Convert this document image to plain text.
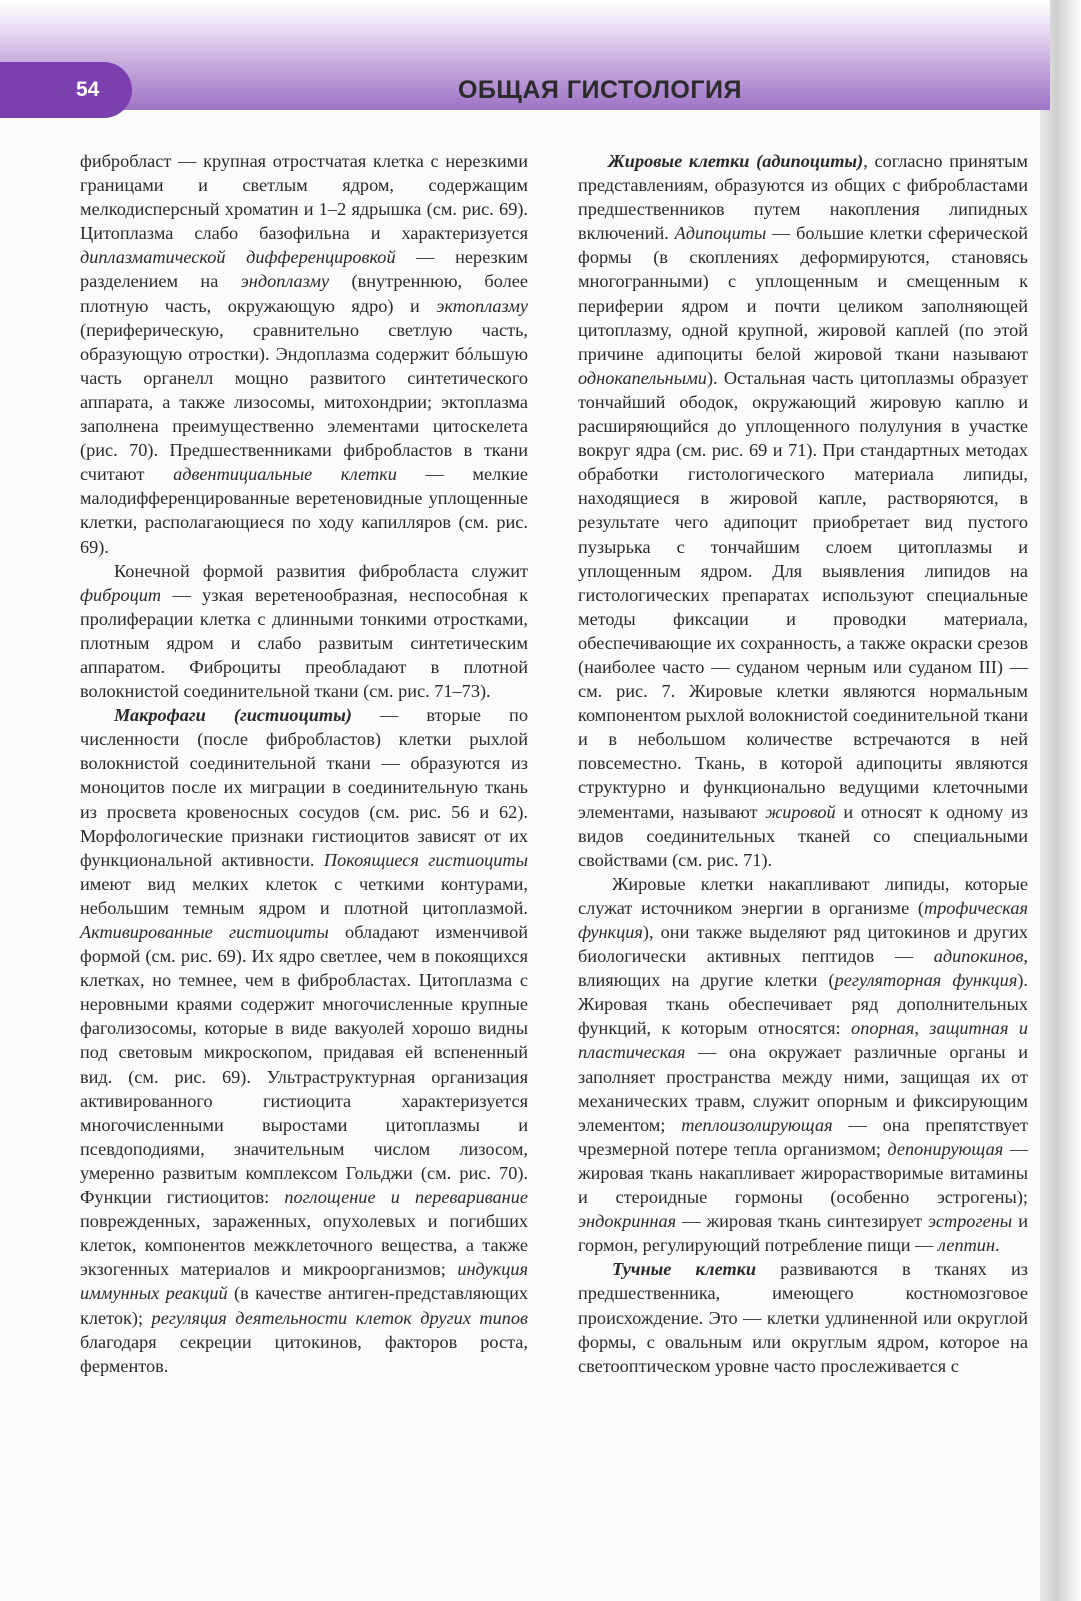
54	ОБЩАЯ ГИСТОЛОГИЯ

фибробласт — крупная отростчатая клетка с нерезкими границами и светлым ядром, содержащим мелкодисперсный хроматин и 1–2 ядрышка (см. рис. 69). Цитоплазма слабо базофильна и характеризуется диплазматической дифференцировкой — нерезким разделением на эндоплазму (внутреннюю, более плотную часть, окружающую ядро) и эктоплазму (периферическую, сравнительно светлую часть, образующую отростки). Эндоплазма содержит бóльшую часть органелл мощно развитого синтетического аппарата, а также лизосомы, митохондрии; эктоплазма заполнена преимущественно элементами цитоскелета (рис. 70). Предшественниками фибробластов в ткани считают адвентициальные клетки — мелкие малодифференцированные веретеновидные уплощенные клетки, располагающиеся по ходу капилляров (см. рис. 69).

Конечной формой развития фибробласта служит фиброцит — узкая веретенообразная, неспособная к пролиферации клетка с длинными тонкими отростками, плотным ядром и слабо развитым синтетическим аппаратом. Фиброциты преобладают в плотной волокнистой соединительной ткани (см. рис. 71–73).

Макрофаги (гистиоциты) — вторые по численности (после фибробластов) клетки рыхлой волокнистой соединительной ткани — образуются из моноцитов после их миграции в соединительную ткань из просвета кровеносных сосудов (см. рис. 56 и 62). Морфологические признаки гистиоцитов зависят от их функциональной активности. Покоящиеся гистиоциты имеют вид мелких клеток с четкими контурами, небольшим темным ядром и плотной цитоплазмой. Активированные гистиоциты обладают изменчивой формой (см. рис. 69). Их ядро светлее, чем в покоящихся клетках, но темнее, чем в фибробластах. Цитоплазма с неровными краями содержит многочисленные крупные фаголизосомы, которые в виде вакуолей хорошо видны под световым микроскопом, придавая ей вспененный вид. (см. рис. 69). Ультраструктурная организация активированного гистиоцита характеризуется многочисленными выростами цитоплазмы и псевдоподиями, значительным числом лизосом, умеренно развитым комплексом Гольджи (см. рис. 70). Функции гистиоцитов: поглощение и переваривание поврежденных, зараженных, опухолевых и погибших клеток, компонентов межклеточного вещества, а также экзогенных материалов и микроорганизмов; индукция иммунных реакций (в качестве антиген-представляющих клеток); регуляция деятельности клеток других типов благодаря секреции цитокинов, факторов роста, ферментов.

Жировые клетки (адипоциты), согласно принятым представлениям, образуются из общих с фибробластами предшественников путем накопления липидных включений. Адипоциты — большие клетки сферической формы (в скоплениях деформируются, становясь многогранными) с уплощенным и смещенным к периферии ядром и почти целиком заполняющей цитоплазму, одной крупной, жировой каплей (по этой причине адипоциты белой жировой ткани называют однокапельными). Остальная часть цитоплазмы образует тончайший ободок, окружающий жировую каплю и расширяющийся до уплощенного полулуния в участке вокруг ядра (см. рис. 69 и 71). При стандартных методах обработки гистологического материала липиды, находящиеся в жировой капле, растворяются, в результате чего адипоцит приобретает вид пустого пузырька с тончайшим слоем цитоплазмы и уплощенным ядром. Для выявления липидов на гистологических препаратах используют специальные методы фиксации и проводки материала, обеспечивающие их сохранность, а также окраски срезов (наиболее часто — суданом черным или суданом III) — см. рис. 7. Жировые клетки являются нормальным компонентом рыхлой волокнистой соединительной ткани и в небольшом количестве встречаются в ней повсеместно. Ткань, в которой адипоциты являются структурно и функционально ведущими клеточными элементами, называют жировой и относят к одному из видов соединительных тканей со специальными свойствами (см. рис. 71).

Жировые клетки накапливают липиды, которые служат источником энергии в организме (трофическая функция), они также выделяют ряд цитокинов и других биологически активных пептидов — адипокинов, влияющих на другие клетки (регуляторная функция). Жировая ткань обеспечивает ряд дополнительных функций, к которым относятся: опорная, защитная и пластическая — она окружает различные органы и заполняет пространства между ними, защищая их от механических травм, служит опорным и фиксирующим элементом; теплоизолирующая — она препятствует чрезмерной потере тепла организмом; депонирующая — жировая ткань накапливает жирорастворимые витамины и стероидные гормоны (особенно эстрогены); эндокринная — жировая ткань синтезирует эстрогены и гормон, регулирующий потребление пищи — лептин.

Тучные клетки развиваются в тканях из предшественника, имеющего костномозговое происхождение. Это — клетки удлиненной или округлой формы, с овальным или округлым ядром, которое на светооптическом уровне часто прослеживается с
